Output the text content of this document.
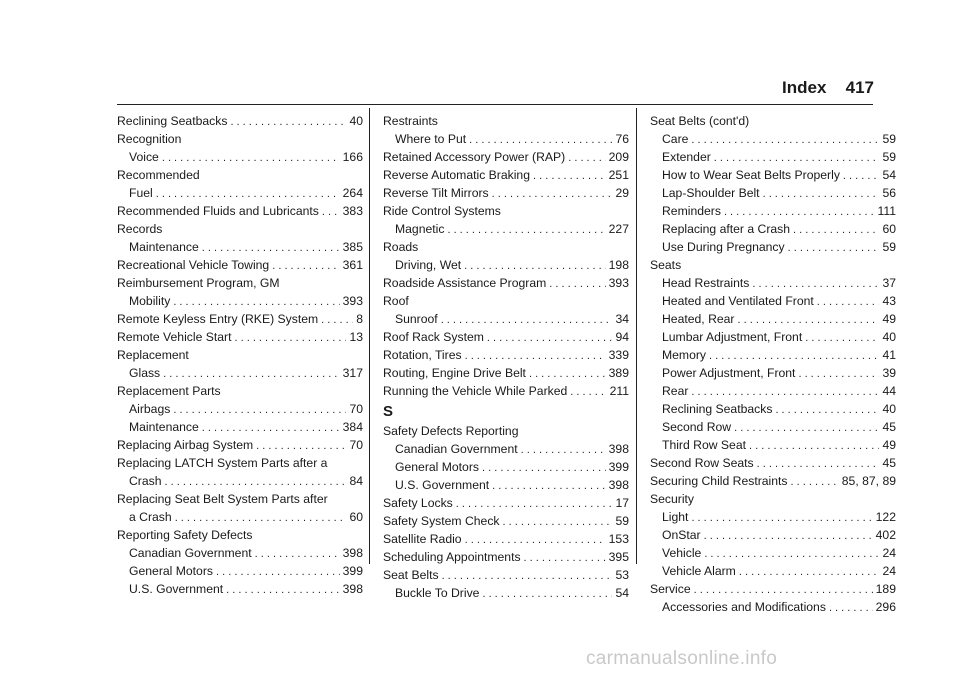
Index 417
Reclining Seatbacks . . .	40
Recognition
Voice . . .	166
Recommended
Fuel . . .	264
Recommended Fluids and Lubricants . . . 383
Records
Maintenance . . .	385
Recreational Vehicle Towing . . .	361
Reimbursement Program, GM
Mobility . . .	393
Remote Keyless Entry (RKE) System . . .	8
Remote Vehicle Start . . .	13
Replacement
Glass . . .	317
Replacement Parts
Airbags . . .	70
Maintenance . . .	384
Replacing Airbag System . . .	70
Replacing LATCH System Parts after a
Crash . . .	84
Replacing Seat Belt System Parts after
a Crash . . .	60
Reporting Safety Defects
Canadian Government . . .	398
General Motors . . .	399
U.S. Government . . .	398
Restraints
Where to Put . . .	76
Retained Accessory Power (RAP) . . .	209
Reverse Automatic Braking . . .	251
Reverse Tilt Mirrors . . .	29
Ride Control Systems
Magnetic . . .	227
Roads
Driving, Wet . . .	198
Roadside Assistance Program . . .	393
Roof
Sunroof . . .	34
Roof Rack System . . .	94
Rotation, Tires . . .	339
Routing, Engine Drive Belt . . .	389
Running the Vehicle While Parked . . .	211
S
Safety Defects Reporting
Canadian Government . . .	398
General Motors . . .	399
U.S. Government . . .	398
Safety Locks . . .	17
Safety System Check . . .	59
Satellite Radio . . .	153
Scheduling Appointments . . .	395
Seat Belts . . .	53
Buckle To Drive . . .	54
Seat Belts (cont'd)
Care . . .	59
Extender . . .	59
How to Wear Seat Belts Properly . . .	54
Lap-Shoulder Belt . . .	56
Reminders . . .	111
Replacing after a Crash . . .	60
Use During Pregnancy . . .	59
Seats
Head Restraints . . .	37
Heated and Ventilated Front . . .	43
Heated, Rear . . .	49
Lumbar Adjustment, Front . . .	40
Memory . . .	41
Power Adjustment, Front . . .	39
Rear . . .	44
Reclining Seatbacks . . .	40
Second Row . . .	45
Third Row Seat . . .	49
Second Row Seats . . .	45
Securing Child Restraints . . .	85, 87, 89
Security
Light . . .	122
OnStar . . .	402
Vehicle . . .	24
Vehicle Alarm . . .	24
Service . . .	189
Accessories and Modifications . . .	296
carmanualsonline.info
